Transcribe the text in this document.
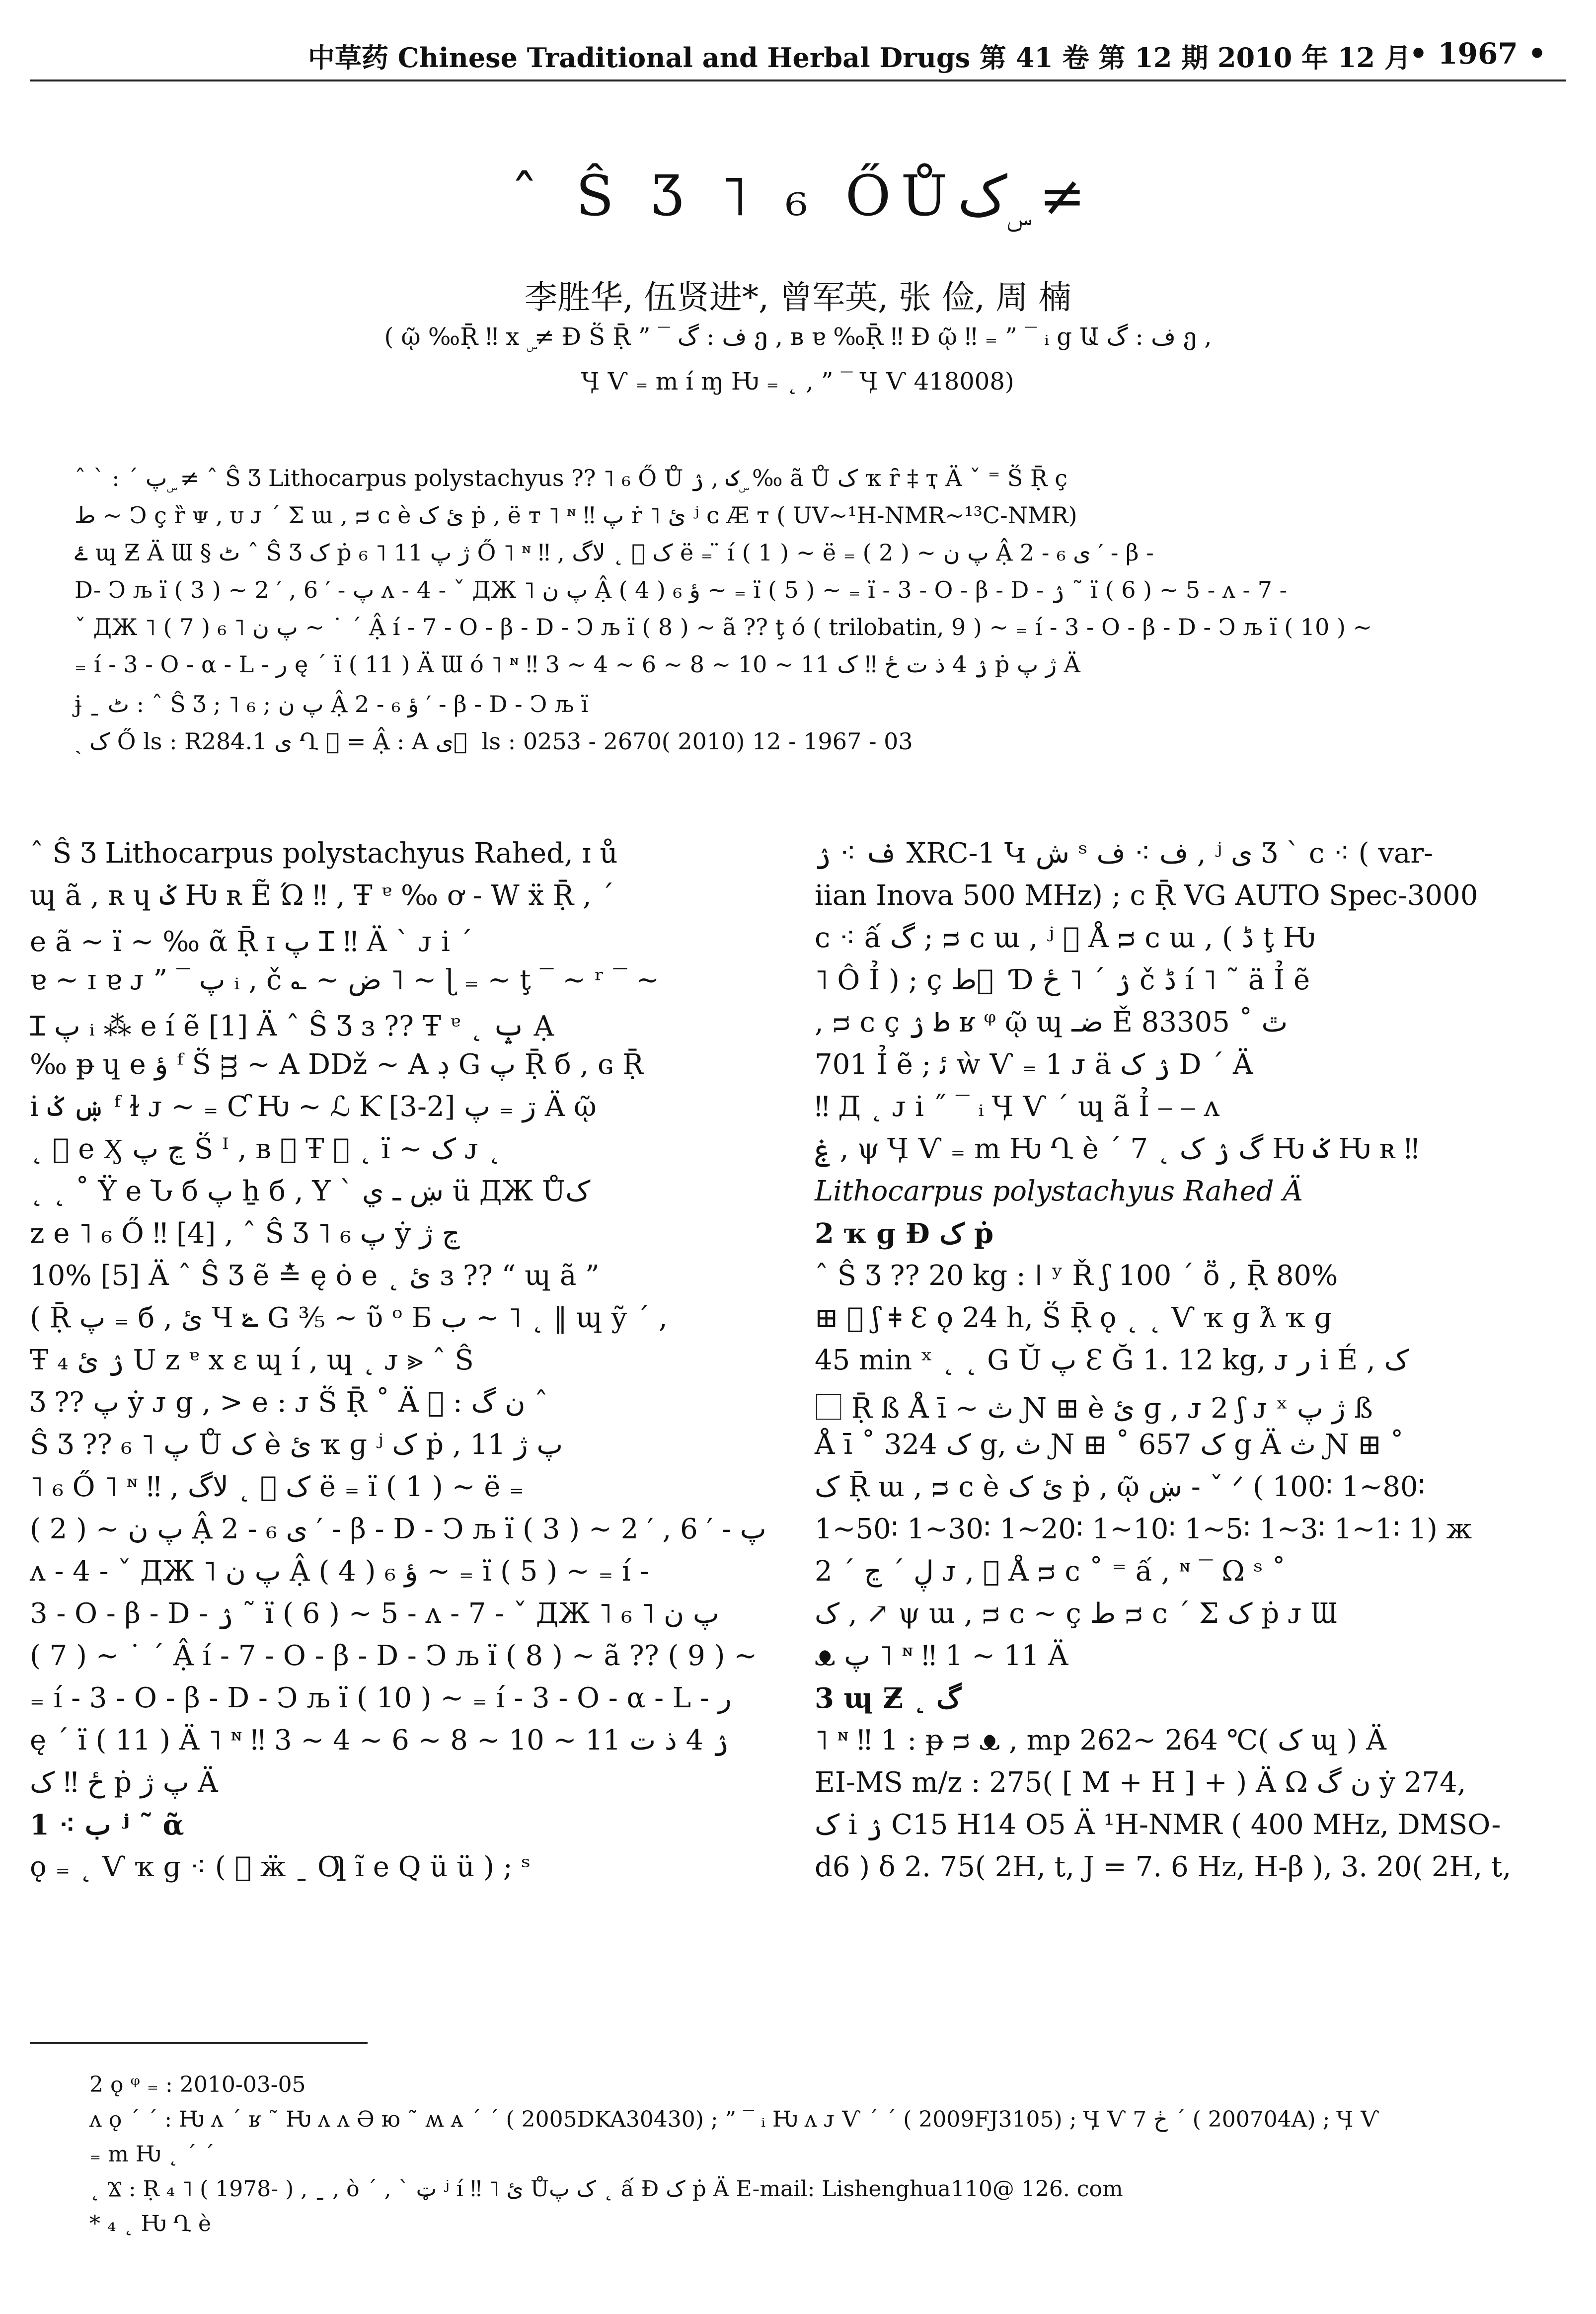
中草药 Chinese Traditional and Herbal Drugs 第 41 卷 第 12 期 2010 年 12 月
• 1967 •
ˆ Ŝ Ʒ ˥ ₆ ŐŮک ۣ ≠
李胜华, 伍贤进*, 曾军英, 张 俭, 周 楠
( ῷ ‰Ṝ ‼ x ۣ ≠ Ɖ Ṥ Ṝ ” ‾ ف : گ ე , ʙ ɐ ‰Ṝ ‼ Ɖ ῷ ‼ ₌ ” ‾ ᵢ g Ա ف : گ ე ,
Ӌ Ѵ ₌ m í ɱ Ƕ ₌ ˛ , ” ‾ Ӌ Ѵ 418008)
ˆ ˋ : ˊ پ ۣ ≠ ˆ Ŝ Ʒ Lithocarpus polystachyus ?? ˥ ₆ Ő Ů ک , ۯ ۣ ‰ ã Ů ک ҡ ȓ ‡ ҭ Ä ˇ ⁼ Ṥ Ṝ ç
ط ~ Ↄ ç ȑ ᴪ , ᴜ ᴊ ˊ Σ ɯ , ᴝ ᴄ è ئ ک ṗ , ë ᴛ ˥ ᶰ ‼ پ ṙ ˥ ئ ʲ ᴄ Æ ᴛ ( UV~¹H-NMR~¹³C-NMR)
ۓ ɰ Ƶ Ä Ɯ § ٹ ˆ Ŝ Ʒ ک ṗ ژ پ 11 ˥ ₆ Ő ˥ ᶰ ‼ , ک ⃞ ˛ لاگ ë ₌ ̈ í ( 1 ) ~ ë ₌ ( 2 ) ~ پ ن Ậ ى ₆ - 2 ′ - β -
D- Ↄ љ ï ( 3 ) ~ 2 ′ , 6 ′ - پ ᴧ - 4 - ˇ ДЖ ˥ پ ن Ậ ؤ ₆ ( 4 ) ~ ₌ ï ( 5 ) ~ ₌ ï - 3 - O - β - D - ۯ ˜ ï ( 6 ) ~ 5 - ᴧ - 7 -
ˇ ДЖ ˥ پ ن ˥ ₆ ( 7 ) ~ ˙ ˊ Ậ í - 7 - O - β - D - Ↄ љ ï ( 8 ) ~ ã ?? ţ ó ( trilobatin, 9 ) ~ ₌ í - 3 - O - β - D - Ↄ љ ï ( 10 ) ~
₌ í - 3 - O - α - L - ر ę ˊ ï ( 11 ) Ä Ɯ ó ˥ ᶰ ‼ 3 ~ 4 ~ 6 ~ 8 ~ 10 ~ 11 ۯ 4 ذ ت ځ ‼ ک ṗ ژ پ Ä
ɉ ˍ ٹ : ˆ Ŝ Ʒ ; ˥ ₆ ; پ ن Ậ ؤ ₆ - 2 ′ - β - D - Ↄ љ ï
ˎ ک Ő ls : R284.1 ى Ղ ⃞ = Ậ : A ى ⃞ ls : 0253 - 2670( 2010) 12 - 1967 - 03
ˆ Ŝ Ʒ Lithocarpus polystachyus Rahed, ɪ ů
ɰ ã , ʀ ɥ ݢ Ƕ ʀ Ẽ Ώ ‼ , Ŧ ᵄ ‰ ơ - W ẍ Ṝ , ˊ
e ã ~ ï ~ ‰ ᾶ Ṝ ɪ پ Ɪ ‼ Ä ˋ ᴊ i ˊ
ɐ ~ ɪ ɐ ᴊ ” ‾ پ ᵢ , č ؎ ~ ض ˥ ~ ɭ ₌ ~ ţ ‾ ~ ʳ ‾ ~
Ɪ پ ᵢ ⁂ e í ẽ [1] Ä ˆ Ŝ Ʒ ɜ ?? Ŧ ᵄ ˛ ݒ Ạ
‰ ᵽ ɥ e ؤ ᶠ Ṥ ᴟ ~ A Dǅ ~ A ڊ G پ Ṝ б , ɢ Ṝ
i ښ ݢ ᶠ ɫ ᴊ ~ ₌ Ƈ Ƕ ~ ℒ Ƙ ڗ ₌ پ [2-3] Ä ῷ
˛ ⃞ e Ӽ ڃ پ Ṥ ᴵ , ʙ ⃞ Ŧ ⪢ ˛ ï ~ ک ᴊ ˛
˛ ˛ ˚ Ÿ e Ն б پ ẖ б , Y ˋ ښ ـ ي ü ДЖ Ůک
z e ˥ ₆ Ő ‼ [4] , ˆ Ŝ Ʒ ˥ ₆ پ ẏ ڃ ژ
10% [5] Ä ˆ Ŝ Ʒ ẽ ≛ ę ȯ e ˛ ئ ɜ ?? “ ɰ ã ”
( Ṝ پ ₌ б , ئ Ч ݺ G ⅗ ~ ῦ ᵒ Ƃ ب ~ ˥ ˛ ‖ ɰ ỹ ˊ ,
Ŧ ₄ ۯ ئ U z ᵄ x ε ɰ í , ɰ ˛ ᴊ ⪢ ˆ Ŝ
Ʒ ?? پ ẏ ᴊ g , > e : ᴊ Ṥ Ṝ ˚ Ä ⃞ : ن گ ˆ
Ŝ Ʒ ?? پ ˥ ₆ Ů ک è ئ ҡ ɡ ʲ ک ṗ , پ ژ 11
˥ ₆ Ő ˥ ᶰ ‼ , ک ⃞ ˛ لاگ ë ₌ ï ( 1 ) ~ ë ₌
( 2 ) ~ پ ن Ậ ى ₆ - 2 ′ - β - D - Ↄ љ ï ( 3 ) ~ 2 ′ , 6 ′ - پ
ᴧ - 4 - ˇ ДЖ ˥ پ ن Ậ ؤ ₆ ( 4 ) ~ ₌ ï ( 5 ) ~ ₌ í -
3 - O - β - D - ۯ ˜ ï ( 6 ) ~ 5 - ᴧ - 7 - ˇ ДЖ ˥ پ ن ˥ ₆
( 7 ) ~ ˙ ˊ Ậ í - 7 - O - β - D - Ↄ љ ï ( 8 ) ~ ã ?? ( 9 ) ~
₌ í - 3 - O - β - D - Ↄ љ ï ( 10 ) ~ ₌ í - 3 - O - α - L - ر
ę ˊ ï ( 11 ) Ä ˥ ᶰ ‼ 3 ~ 4 ~ 6 ~ 8 ~ 10 ~ 11 ۯ 4 ذ ت
ځ ‼ ک ṗ پ ژ Ä
1 ⁖ ب ʲ ˜ ᾶ
ǫ ₌ ˛ Ѵ ҡ ɡ ⁖ ( ⃞ ӝ ˍ Ƣ ĩ e Q ü ü ) ; ˢ
ف ⁖ ۯ XRC-1 Կ ش ˢ ف ⁖ ف , ʲ ى Ʒ ˋ ᴄ ⁖ ( var-
iian Inova 500 MHz) ; ᴄ Ṝ VG AUTO Spec-3000
ᴄ ⁖ ấ گ ; ᴝ ᴄ ɯ , ʲ ⃞ Å ᴝ ᴄ ɯ , ( ڈ ţ Ƕ
˥ Ô Ỉ ) ; ç ط ⃞ Ɗ ۯ ˊ ˥ ځ č ڈ í ˥ ˜ ä Ỉ ẽ
, ᴝ ᴄ ç ط ۯ ʁ ᵠ ῷ ɰ ضـ Ě 83305 ˚ ٿ
701 Ỉ ẽ ; ﺋ ẁ Ѵ ₌ 1 ᴊ ä ۯ ک D ˊ Ä
‼ Д ˛ ᴊ i ˝ ‾ ᵢ Ӌ Ѵ ˊ ɰ ã Ỉ ⎯ ⎯ ᴧ
ۼ , ψ Ӌ Ѵ ₌ m Ƕ Ղ è ˊ 7 ˛ گ ۯ ک Ƕ ݢ Ƕ ʀ ‼
Lithocarpus polystachyus Rahed Ä
2 ҡ ɡ Ɖ ک ṗ
ˆ Ŝ Ʒ ?? 20 kg : ǀ ʸ Ř ʃ 100 ˊ ṏ , Ṝ 80%
⊞ ⃝ ʃ ǂ Ɛ ǫ 24 h, Ṥ Ṝ ǫ ˛ ˛ Ѵ ҡ ɡ ƛ ҡ ɡ
45 min ˣ ˛ ˛ G Ŭ پ Ɛ Ğ 1. 12 kg, ᴊ ر i É , ک
⃞ Ṝ ß Å ī ~ ث Ɲ ⊞ è ئ ɡ , ᴊ 2 ʃ ᴊ ˣ ژ پ ß
Å ī ˚ ک 324 g, ث Ɲ ⊞ ˚ ک 657 g Ä ث Ɲ ⊞ ˚
ک Ṝ ɯ , ᴝ ᴄ è ئ ک ṗ , ῷ ښ - ˇ ᐟ ( 100∶ 1~80∶
1~50∶ 1~30∶ 1~20∶ 1~10∶ 1~5∶ 1~3∶ 1~1∶ 1) ж
ڸ ˊ ڃ ˊ 2 ᴊ , ⃞ Å ᴝ ᴄ ˚ ⁼ ấ , ᶰ ‾ Ω ˢ ˚
ک , ↗ ψ ɯ , ᴝ ᴄ ~ ç ط ᴝ ᴄ ˊ Σ ک ṗ ᴊ Ɯ
ᴥ پ ˥ ᶰ ‼ 1 ~ 11 Ä
3 ɰ Ƶ ˛ گ
˥ ᶰ ‼ 1 : ᵽ ᴝ ᴥ , mp 262~ 264 ℃( ک ɰ ) Ä
EI-MS m/z : 275( [ M + H ] + ) Ä Ω ن گ ẏ 274,
ک i ۯ C15 H14 O5 Ä ¹H-NMR ( 400 MHz, DMSO-
d6 ) δ 2. 75( 2H, t, J = 7. 6 Hz, H-β ), 3. 20( 2H, t,
2 ǫ ᵠ ₌ : 2010-03-05
ᴧ ǫ ˊ ˊ : Ƕ ᴧ ˊ ʁ ˜ Ƕ ᴧ ᴧ Ә ю ˜ ʍ ᴀ ˊ ˊ ( 2005DKA30430) ; ” ‾ ᵢ Ƕ ᴧ ᴊ Ѵ ˊ ˊ ( 2009FJ3105) ; Ӌ Ѵ 7 ڂ ˊ ( 200704A) ; Ӌ Ѵ
₌ m Ƕ ˛ ˊ ˊ
˛ Ϫ : Ṛ ₄ ˥ ( 1978- ) , ˍ , ò ˊ , ˋ ټ ʲ í ‼ ˥ ئ Ůک پ ˛ ấ Ɖ ک ṗ Ä E-mail: Lishenghua110@ 126. com
* ₄ ˛ Ƕ Ղ è
